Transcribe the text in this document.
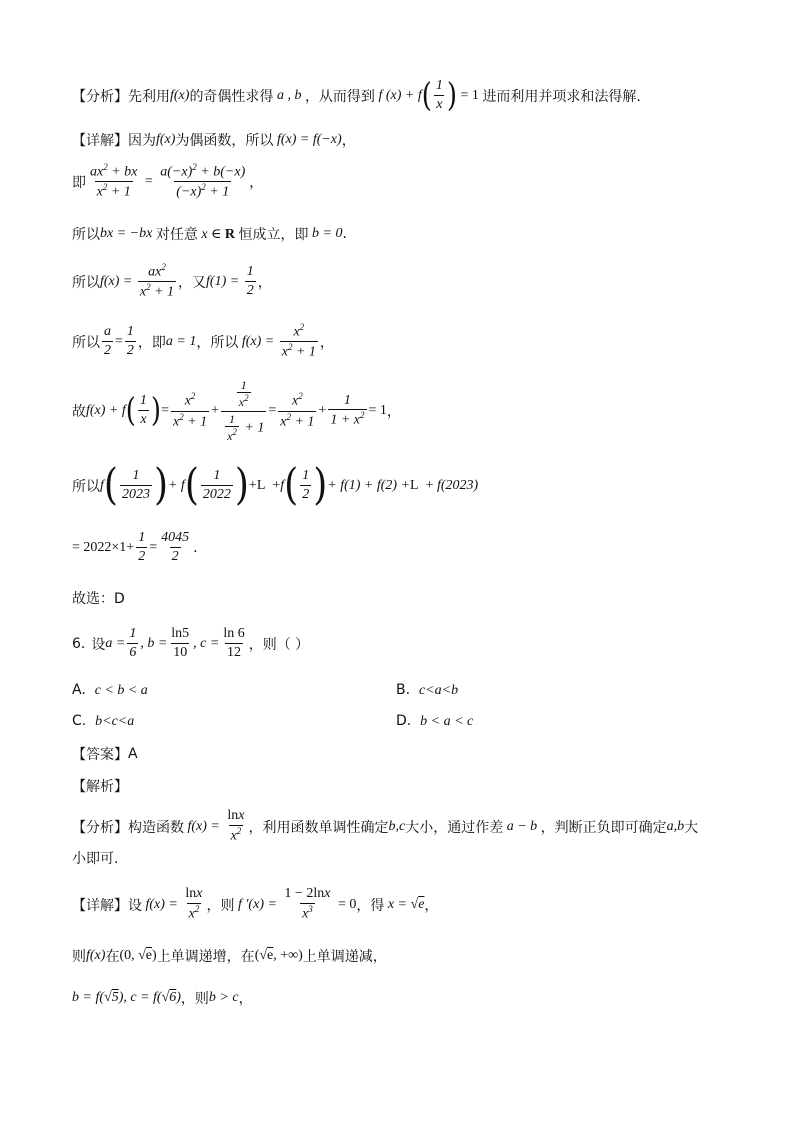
【分析】 先利用 f(x) 的奇偶性求得 a , b ，从而得到 f (x) + f ( $\frac{1}{x}$ ) = 1 进而利用并项求和法得解.
【详解】 因为 f(x) 为偶函数，所以 f(x) = f(−x) ，
即 $\frac{ax^2 + bx}{x^2 + 1} = \frac{a(-x)^2 + b(-x)}{(-x)^2 + 1}$ ，
所以 bx = −bx 对任意 x ∈ R 恒成立，即 b = 0 .
所以 $f(x) = \frac{ax^2}{x^2 + 1}$ ，又 $f(1) = \frac{1}{2}$ ，
所以 $\frac{a}{2} = \frac{1}{2}$ ，即 a = 1 ，所以 $f(x) = \frac{x^2}{x^2 + 1}$ ，
故 f(x) + f ( $\frac{1}{x}$ ) = $\frac{x^2}{x^2 + 1} + \frac{\frac{1}{x^2}}{\frac{1}{x^2} + 1} = \frac{x^2}{x^2 + 1} + \frac{1}{1 + x^2} = 1$ ，
所以 f ( $\frac{1}{2023}$ ) + f ( $\frac{1}{2022}$ ) +L  + f ( $\frac{1}{2}$ ) + f(1) + f(2) + L  + f(2023)
= $2022\times 1+ \frac{1}{2} = \frac{4045}{2}$ .
故选：D
6. 设 $a = \frac{1}{6}$ , $b = \frac{\ln 5}{10}$ , $c = \frac{\ln 6}{12}$ ，则（ ）
A. c < b < a	B. c<a<b
C. b<c<a	D. b < a < c
【答案】 A
【解析】
【分析】 构造函数 $f(x) = \frac{\ln x}{x^2}$ ，利用函数单调性确定 b,c 大小，通过作差 a − b ，判断正负即可确定 a,b 大
小即可.
【详解】 设 $f(x) = \frac{\ln x}{x^2}$ ，则 f $'(x) = \frac{1 - 2\ln x}{x^3} = 0$ ，得 x = √e ，
则 f(x) 在 (0, √e) 上单调递增，在 (√e, +∞) 上单调递减，
b = f(√5), c = f(√6) ，则 b > c ，
